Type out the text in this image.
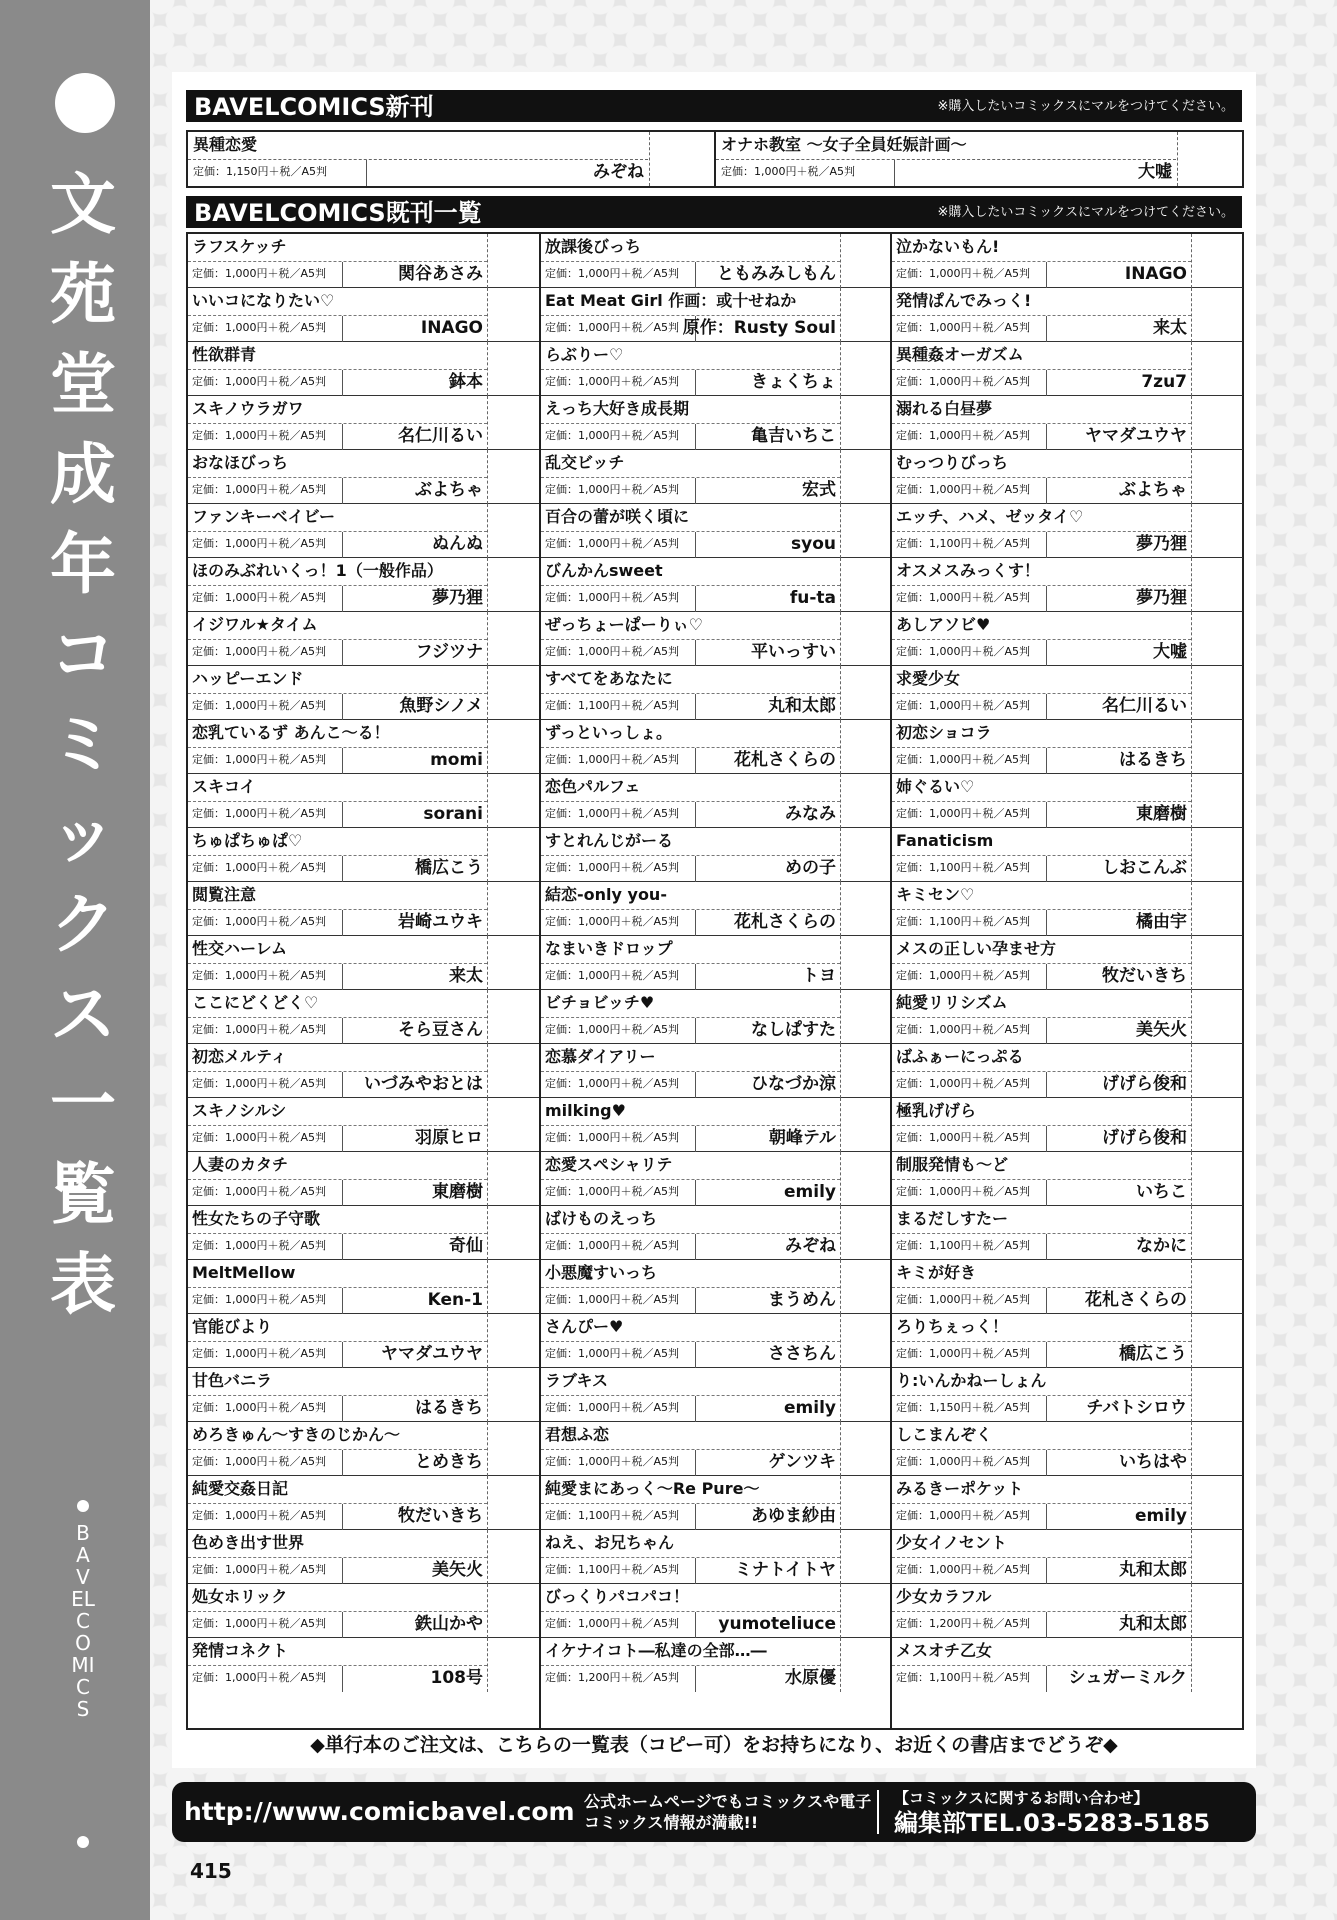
文苑堂成年コミックス一覧表
BAVEL COMICS
BAVELCOMICS新刊	※購入したいコミックスにマルをつけてください。
異種恋愛
定価：1,150円＋税／A5判	みぞね
オナホ教室 〜女子全員妊娠計画〜
定価：1,000円＋税／A5判	大嘘
BAVELCOMICS既刊一覧	※購入したいコミックスにマルをつけてください。
ラフスケッチ
定価：1,000円＋税／A5判	関谷あさみ
いいコになりたい♡
定価：1,000円＋税／A5判	INAGO
性欲群青
定価：1,000円＋税／A5判	鉢本
スキノウラガワ
定価：1,000円＋税／A5判	名仁川るい
おなほびっち
定価：1,000円＋税／A5判	ぶよちゃ
ファンキーベイビー
定価：1,000円＋税／A5判	ぬんぬ
ほのみぶれいくっ！1（一般作品）
定価：1,000円＋税／A5判	夢乃狸
イジワル★タイム
定価：1,000円＋税／A5判	フジツナ
ハッピーエンド
定価：1,000円＋税／A5判	魚野シノメ
恋乳ているず あんこ〜る！
定価：1,000円＋税／A5判	momi
スキコイ
定価：1,000円＋税／A5判	sorani
ちゅぱちゅぱ♡
定価：1,000円＋税／A5判	橋広こう
閲覧注意
定価：1,000円＋税／A5判	岩崎ユウキ
性交ハーレム
定価：1,000円＋税／A5判	来太
ここにどくどく♡
定価：1,000円＋税／A5判	そら豆さん
初恋メルティ
定価：1,000円＋税／A5判 いづみやおとは
スキノシルシ
定価：1,000円＋税／A5判	羽原ヒロ
人妻のカタチ
定価：1,000円＋税／A5判	東磨樹
性女たちの子守歌
定価：1,000円＋税／A5判	奇仙
MeltMellow
定価：1,000円＋税／A5判	Ken-1
官能びより
定価：1,000円＋税／A5判	ヤマダユウヤ
甘色バニラ
定価：1,000円＋税／A5判	はるきち
めろきゅん〜すきのじかん〜
定価：1,000円＋税／A5判	とめきち
純愛交姦日記
定価：1,000円＋税／A5判	牧だいきち
色めき出す世界
定価：1,000円＋税／A5判	美矢火
処女ホリック
定価：1,000円＋税／A5判	鉄山かや
発情コネクト
定価：1,000円＋税／A5判	108号
放課後びっち
定価：1,000円＋税／A5判 ともみみしもん
Eat Meat Girl 作画：或十せねか
定価：1,000円＋税／A5判 原作：Rusty Soul
らぶりー♡
定価：1,000円＋税／A5判	きょくちょ
えっち大好き成長期
定価：1,000円＋税／A5判	亀吉いちこ
乱交ビッチ
定価：1,000円＋税／A5判	宏式
百合の蕾が咲く頃に
定価：1,000円＋税／A5判	syou
びんかんsweet
定価：1,000円＋税／A5判	fu-ta
ぜっちょーぱーりぃ♡
定価：1,000円＋税／A5判	平いっすい
すべてをあなたに
定価：1,100円＋税／A5判	丸和太郎
ずっといっしょ。
定価：1,000円＋税／A5判	花札さくらの
恋色パルフェ
定価：1,000円＋税／A5判	みなみ
すとれんじがーる
定価：1,000円＋税／A5判	めの子
結恋-only you-
定価：1,000円＋税／A5判	花札さくらの
なまいきドロップ
定価：1,000円＋税／A5判	トヨ
ビチョビッチ♥
定価：1,000円＋税／A5判	なしぱすた
恋慕ダイアリー
定価：1,000円＋税／A5判	ひなづか涼
milking♥
定価：1,000円＋税／A5判	朝峰テル
恋愛スペシャリテ
定価：1,000円＋税／A5判	emily
ばけものえっち
定価：1,000円＋税／A5判	みぞね
小悪魔すいっち
定価：1,000円＋税／A5判	まうめん
さんぴー♥
定価：1,000円＋税／A5判	ささちん
ラブキス
定価：1,000円＋税／A5判	emily
君想ふ恋
定価：1,000円＋税／A5判	ゲンツキ
純愛まにあっく〜Re Pure〜
定価：1,100円＋税／A5判	あゆま紗由
ねえ、お兄ちゃん
定価：1,100円＋税／A5判	ミナトイトヤ
びっくりパコパコ！
定価：1,000円＋税／A5判 yumoteliuce
イケナイコト―私達の全部…―
定価：1,200円＋税／A5判	水原優
泣かないもん!
定価：1,000円＋税／A5判	INAGO
発情ぱんでみっく!
定価：1,000円＋税／A5判	来太
異種姦オーガズム
定価：1,000円＋税／A5判	7zu7
溺れる白昼夢
定価：1,000円＋税／A5判	ヤマダユウヤ
むっつりびっち
定価：1,000円＋税／A5判	ぶよちゃ
エッチ、ハメ、ゼッタイ♡
定価：1,100円＋税／A5判	夢乃狸
オスメスみっくす！
定価：1,000円＋税／A5判	夢乃狸
あしアソビ♥
定価：1,000円＋税／A5判	大嘘
求愛少女
定価：1,000円＋税／A5判	名仁川るい
初恋ショコラ
定価：1,000円＋税／A5判	はるきち
姉ぐるい♡
定価：1,000円＋税／A5判	東磨樹
Fanaticism
定価：1,100円＋税／A5判	しおこんぶ
キミセン♡
定価：1,100円＋税／A5判	橘由宇
メスの正しい孕ませ方
定価：1,000円＋税／A5判	牧だいきち
純愛リリシズム
定価：1,000円＋税／A5判	美矢火
ばふぁーにっぷる
定価：1,000円＋税／A5判	げげら俊和
極乳げげら
定価：1,000円＋税／A5判	げげら俊和
制服発情も〜ど
定価：1,000円＋税／A5判	いちこ
まるだしすたー
定価：1,100円＋税／A5判	なかに
キミが好き
定価：1,000円＋税／A5判	花札さくらの
ろりちぇっく！
定価：1,000円＋税／A5判	橋広こう
り:いんかねーしょん
定価：1,150円＋税／A5判	チバトシロウ
しこまんぞく
定価：1,000円＋税／A5判	いちはや
みるきーポケット
定価：1,000円＋税／A5判	emily
少女イノセント
定価：1,000円＋税／A5判	丸和太郎
少女カラフル
定価：1,200円＋税／A5判	丸和太郎
メスオチ乙女
定価：1,100円＋税／A5判 シュガーミルク
◆単行本のご注文は、こちらの一覧表（コピー可）をお持ちになり、お近くの書店までどうぞ◆
http://www.comicbavel.com 公式ホームページでもコミックスや電子コミックス情報が満載!!
【コミックスに関するお問い合わせ】
編集部TEL.03-5283-5185
415
